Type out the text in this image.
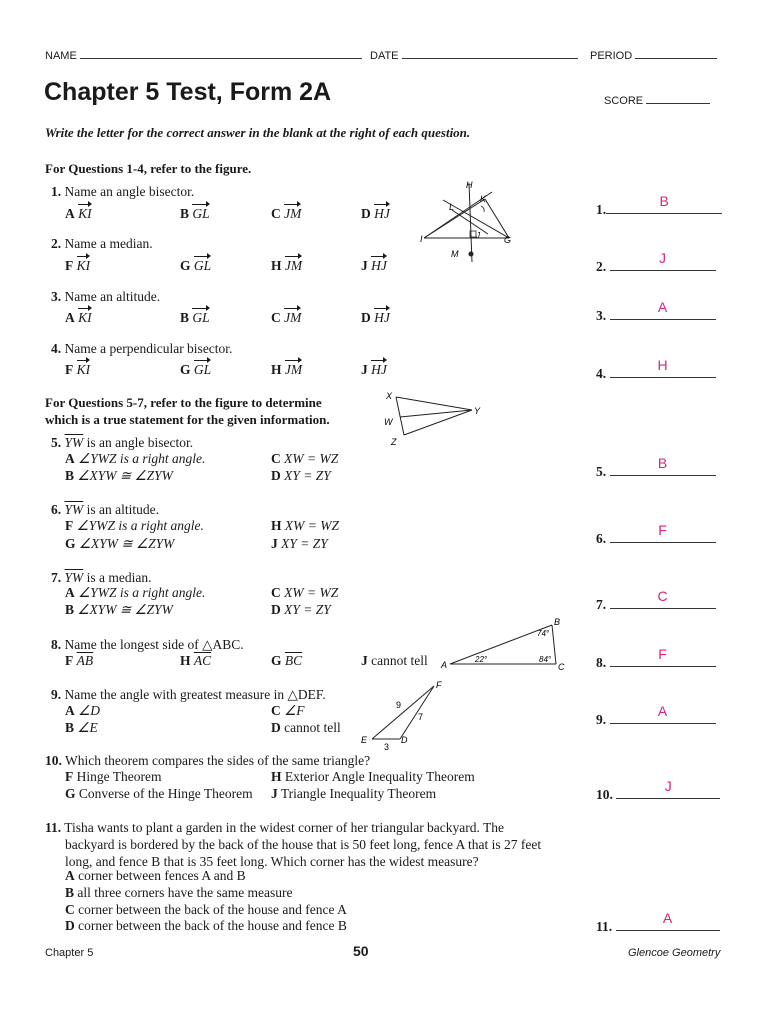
NAME	DATE	PERIOD
Chapter 5 Test, Form 2A	SCORE
Write the letter for the correct answer in the blank at the right of each question.
For Questions 1-4, refer to the figure.
1. Name an angle bisector.
A KI	B GL	C JM	D HJ
2. Name a median.
F KI	G GL	H JM	J HJ
3. Name an altitude.
A KI	B GL	C JM	D HJ
4. Name a perpendicular bisector.
F KI	G GL	H JM	J HJ
H
K
L
I	J	G
M
For Questions 5-7, refer to the figure to determine
which is a true statement for the given information.
X
W
Z
Y
5. $\overline{YW}$ is an angle bisector.
A ∠YWZ is a right angle.
B ∠XYW ≅ ∠ZYW
C XW = WZ
D XY = ZY
6. $\overline{YW}$ is an altitude.
F ∠YWZ is a right angle.
G ∠XYW ≅ ∠ZYW
H XW = WZ
J XY = ZY
7. $\overline{YW}$ is a median.
A ∠YWZ is a right angle.
B ∠XYW ≅ ∠ZYW
C XW = WZ
D XY = ZY
8. Name the longest side of △ABC.
F $\overline{AB}$	H $\overline{AC}$	G $\overline{BC}$	J cannot tell A
B
C
22°
74°
84°
9. Name the angle with greatest measure in △DEF.
A ∠D
B ∠E
C ∠F
D cannot tell
F
E	D
9
7
3
10. Which theorem compares the sides of the same triangle?
F Hinge Theorem
G Converse of the Hinge Theorem
H Exterior Angle Inequality Theorem
J Triangle Inequality Theorem
11. Tisha wants to plant a garden in the widest corner of her triangular backyard. The
backyard is bordered by the back of the house that is 50 feet long, fence A that is 27 feet
long, and fence B that is 35 feet long. Which corner has the widest measure?
A corner between fences A and B
B all three corners have the same measure
C corner between the back of the house and fence A
D corner between the back of the house and fence B
1.
B
2.
J
3.
A
4.
H
5.
B
6.
F
7.
C
8.
F
9.
A
10.
J
11.
A
Chapter 5	50	Glencoe Geometry
